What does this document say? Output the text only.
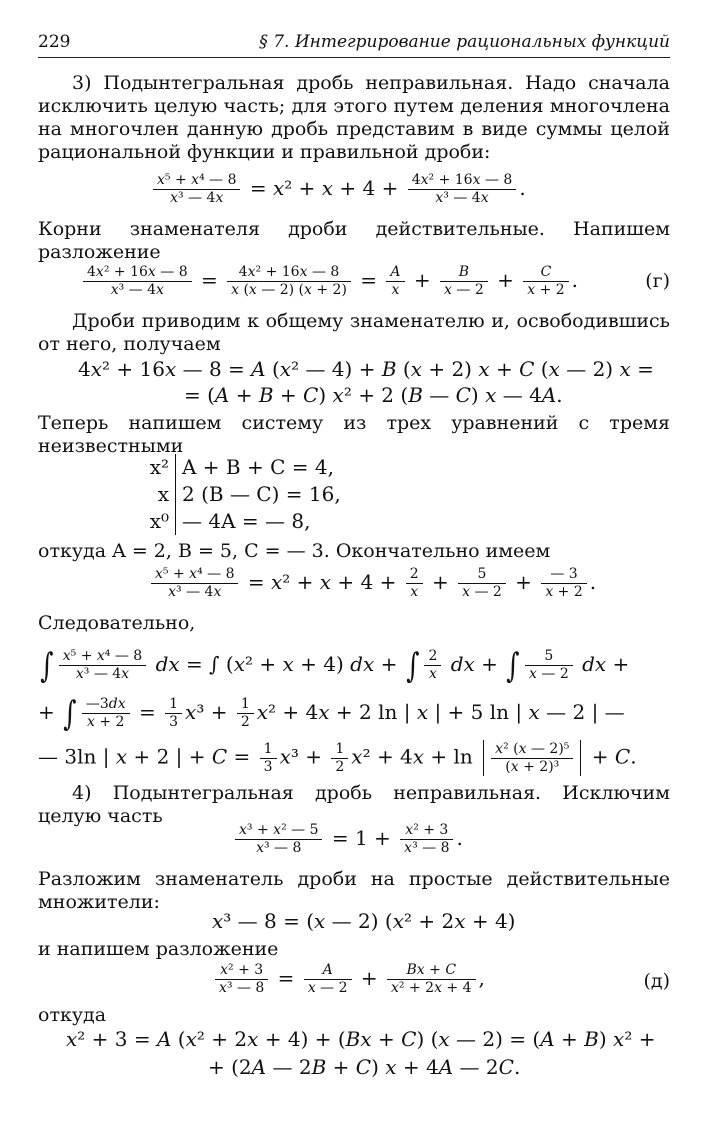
229	§ 7. Интегрирование рациональных функций
3) Подынтегральная дробь неправильная. Надо сначала исключить целую часть; для этого путем деления многочлена на многочлен данную дробь представим в виде суммы целой рациональной функции и правильной дроби:
$\frac{\text{x⁵ + x⁴ — 8}}{\text{x³ — 4x}} = x^2 + x + 4 + \frac{\text{4x² + 16x — 8}}{\text{x³ — 4x}}$ .
Корни знаменателя дроби действительные. Напишем разложение
$\frac{\text{4x² + 16x — 8}}{\text{x³ — 4x}} = \frac{\text{4x² + 16x — 8}}{x (x — 2) (x + 2)} = \frac{A}{x} + \frac{B}{x — 2} + \frac{C}{x + 2}$ .	(г)
Дроби приводим к общему знаменателю и, освободившись от него, получаем
4x² + 16x — 8 = A (x² — 4) + B (x + 2) x + C (x — 2) x =
= (A + B + C) x² + 2 (B — C) x — 4A.
Теперь напишем систему из трех уравнений с тремя неизвестными
x² A + B + C = 4,
x 2 (B — C) = 16,
x⁰ — 4A = — 8,
откуда A = 2, B = 5, C = — 3. Окончательно имеем
$\frac{\text{x⁵ + x⁴ — 8}}{\text{x³ — 4x}} = x^2 + x + 4 + \frac{2}{x} + \frac{5}{x — 2} + \frac{— 3}{x + 2}$ .
Следовательно,
∫ $\frac{\text{x⁵ + x⁴ — 8}}{\text{x³ — 4x}}$ dx = ∫ (x² + x + 4) dx + ∫ $\frac{2}{x}$ dx + ∫ $\frac{5}{x — 2}$ dx +
+ ∫ $\frac{—3dx}{x + 2} = \frac{1}{3} x^3 + \frac{1}{2} x^2 + 4x + 2$ ln | x | + 5 ln | x — 2 | —
— 3ln | x + 2 | + $C = \frac{1}{3} x^3 + \frac{1}{2} x^2 + 4x + \ln \frac{\text{x² (x — 2)⁵}}{\text{(x + 2)³}} + C$.
4) Подынтегральная дробь неправильная. Исключим целую часть
$\frac{\text{x³ + x² — 5}}{\text{x³ — 8}} = 1 + \frac{\text{x² + 3}}{\text{x³ — 8}}$ .
Разложим знаменатель дроби на простые действительные множители:
x³ — 8 = (x — 2) (x² + 2x + 4)
и напишем разложение
$\frac{\text{x² + 3}}{\text{x³ — 8}} = \frac{A}{x — 2} + \frac{Bx + C}{\text{x² + 2x + 4}}$ ,	(д)
откуда
x² + 3 = A (x² + 2x + 4) + (Bx + C) (x — 2) = (A + B) x² +
+ (2A — 2B + C) x + 4A — 2C.
